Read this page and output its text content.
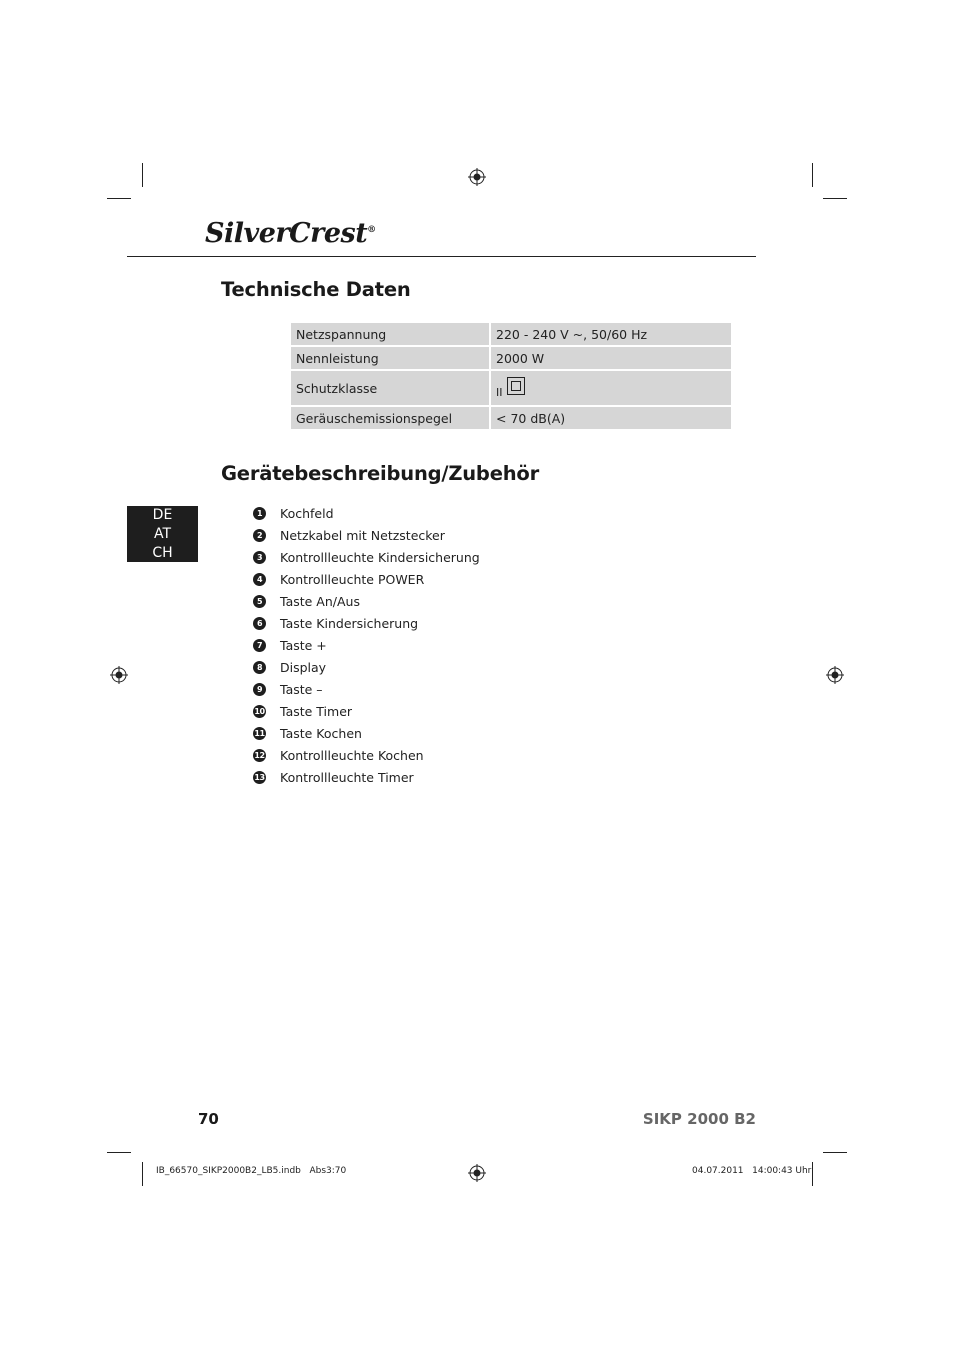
SilverCrest®
Technische Daten
Netzspannung	220 - 240 V ~, 50/60 Hz
Nennleistung	2000 W
Schutzklasse	II
Geräuschemissionspegel	< 70 dB(A)
Gerätebeschreibung/Zubehör
DE
AT
CH
1	Kochfeld
2	Netzkabel mit Netzstecker
3	Kontrollleuchte Kindersicherung
4	Kontrollleuchte POWER
5	Taste An/Aus
6	Taste Kindersicherung
7	Taste +
8	Display
9	Taste –
10 Taste Timer
11 Taste Kochen
12 Kontrollleuchte Kochen
13 Kontrollleuchte Timer
70	SIKP 2000 B2
IB_66570_SIKP2000B2_LB5.indb   Abs3:70	04.07.2011   14:00:43 Uhr
